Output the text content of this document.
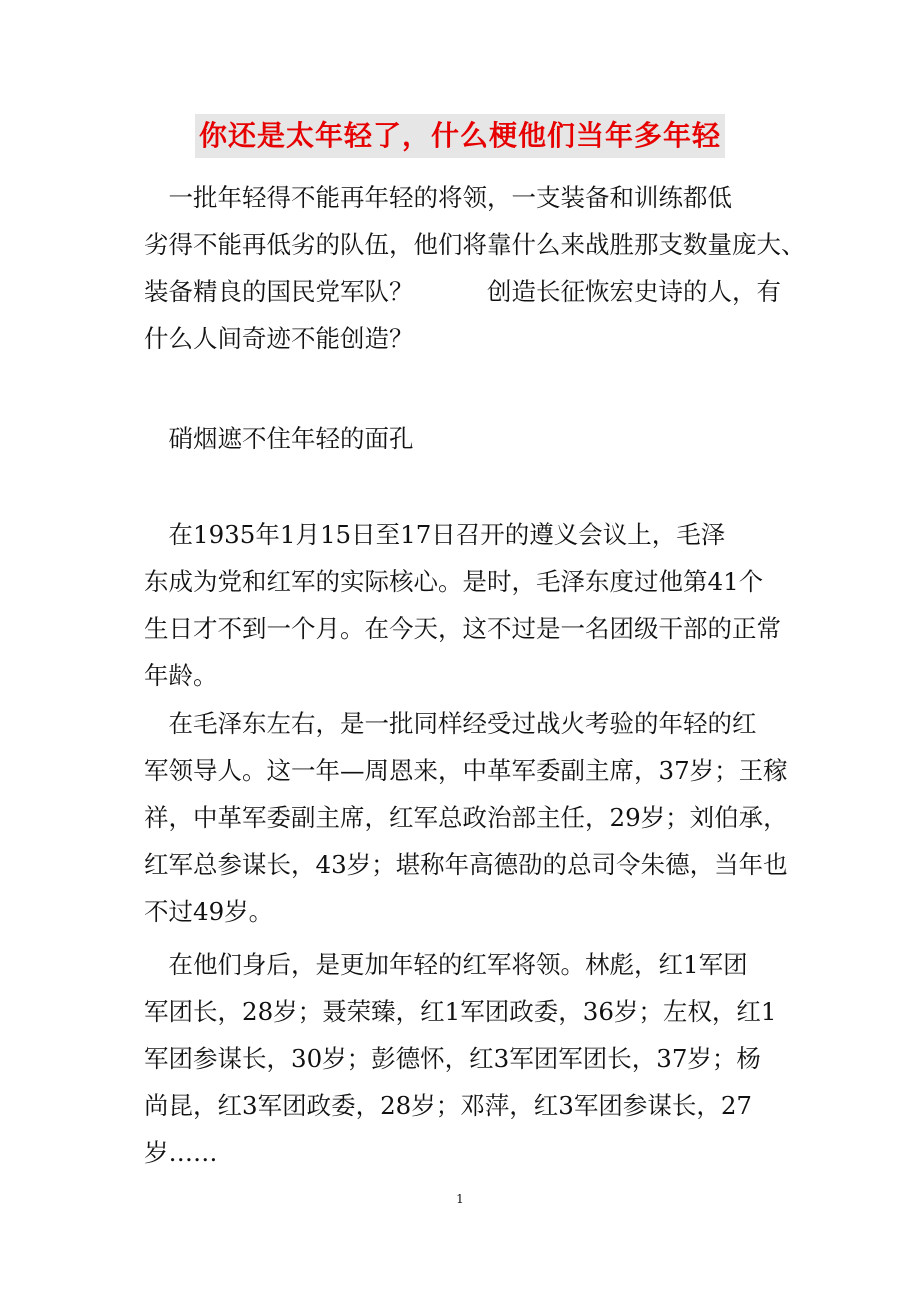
你还是太年轻了，什么梗他们当年多年轻
　一批年轻得不能再年轻的将领，一支装备和训练都低
劣得不能再低劣的队伍，他们将靠什么来战胜那支数量庞大、
装备精良的国民党军队？　　　创造长征恢宏史诗的人，有
什么人间奇迹不能创造？
　硝烟遮不住年轻的面孔
　在1935年1月15日至17日召开的遵义会议上，毛泽
东成为党和红军的实际核心。是时，毛泽东度过他第41个
生日才不到一个月。在今天，这不过是一名团级干部的正常
年龄。
　在毛泽东左右，是一批同样经受过战火考验的年轻的红
军领导人。这一年—周恩来，中革军委副主席，37岁；王稼
祥，中革军委副主席，红军总政治部主任，29岁；刘伯承，
红军总参谋长，43岁；堪称年高德劭的总司令朱德，当年也
不过49岁。
　在他们身后，是更加年轻的红军将领。林彪，红1军团
军团长，28岁；聂荣臻，红1军团政委，36岁；左权，红1
军团参谋长，30岁；彭德怀，红3军团军团长，37岁；杨
尚昆，红3军团政委，28岁；邓萍，红3军团参谋长，27
岁……
1
